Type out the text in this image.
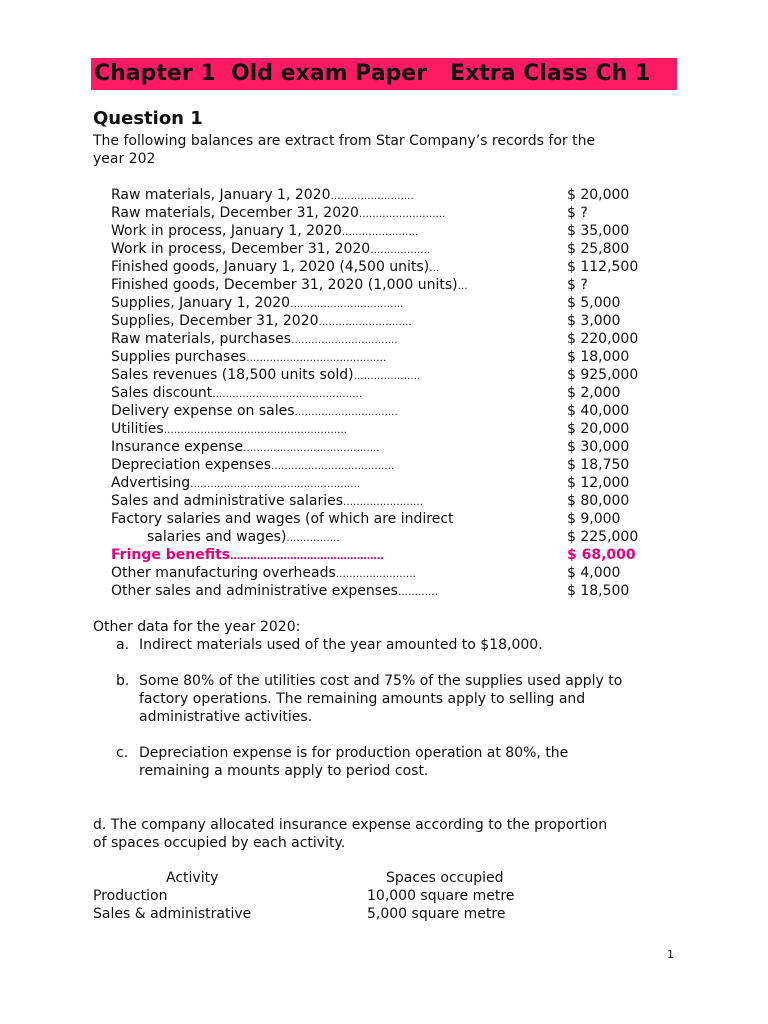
Chapter 1  Old exam Paper   Extra Class Ch 1
Question 1
The following balances are extract from Star Company’s records for the
year 202
Raw materials, January 1, 2020…………………….	$ 20,000
Raw materials, December 31, 2020……………………..	$ ?
Work in process, January 1, 2020…………………..	$ 35,000
Work in process, December 31, 2020………………	$ 25,800
Finished goods, January 1, 2020 (4,500 units)…	$ 112,500
Finished goods, December 31, 2020 (1,000 units)…	$ ?
Supplies, January 1, 2020…………………………….	$ 5,000
Supplies, December 31, 2020……………………….	$ 3,000
Raw materials, purchases…………………………..	$ 220,000
Supplies purchases……………………………………	$ 18,000
Sales revenues (18,500 units sold)………………..	$ 925,000
Sales discount………………………………………	$ 2,000
Delivery expense on sales………………………….	$ 40,000
Utilities……………………………………………….	$ 20,000
Insurance expense…………………………………..	$ 30,000
Depreciation expenses……………………………….	$ 18,750
Advertising……………………………………………	$ 12,000
Sales and administrative salaries……………………	$ 80,000
Factory salaries and wages (of which are indirect	$ 9,000
salaries and wages)…………….	$ 225,000
Fringe benefits……………………………………….	$ 68,000
Other manufacturing overheads……………………	$ 4,000
Other sales and administrative expenses…………	$ 18,500
Other data for the year 2020:
a. Indirect materials used of the year amounted to $18,000.
b. Some 80% of the utilities cost and 75% of the supplies used apply to
factory operations. The remaining amounts apply to selling and
administrative activities.
c. Depreciation expense is for production operation at 80%, the
remaining a mounts apply to period cost.
d. The company allocated insurance expense according to the proportion
of spaces occupied by each activity.
Activity	Spaces occupied
Production	10,000 square metre
Sales & administrative	5,000 square metre
1
